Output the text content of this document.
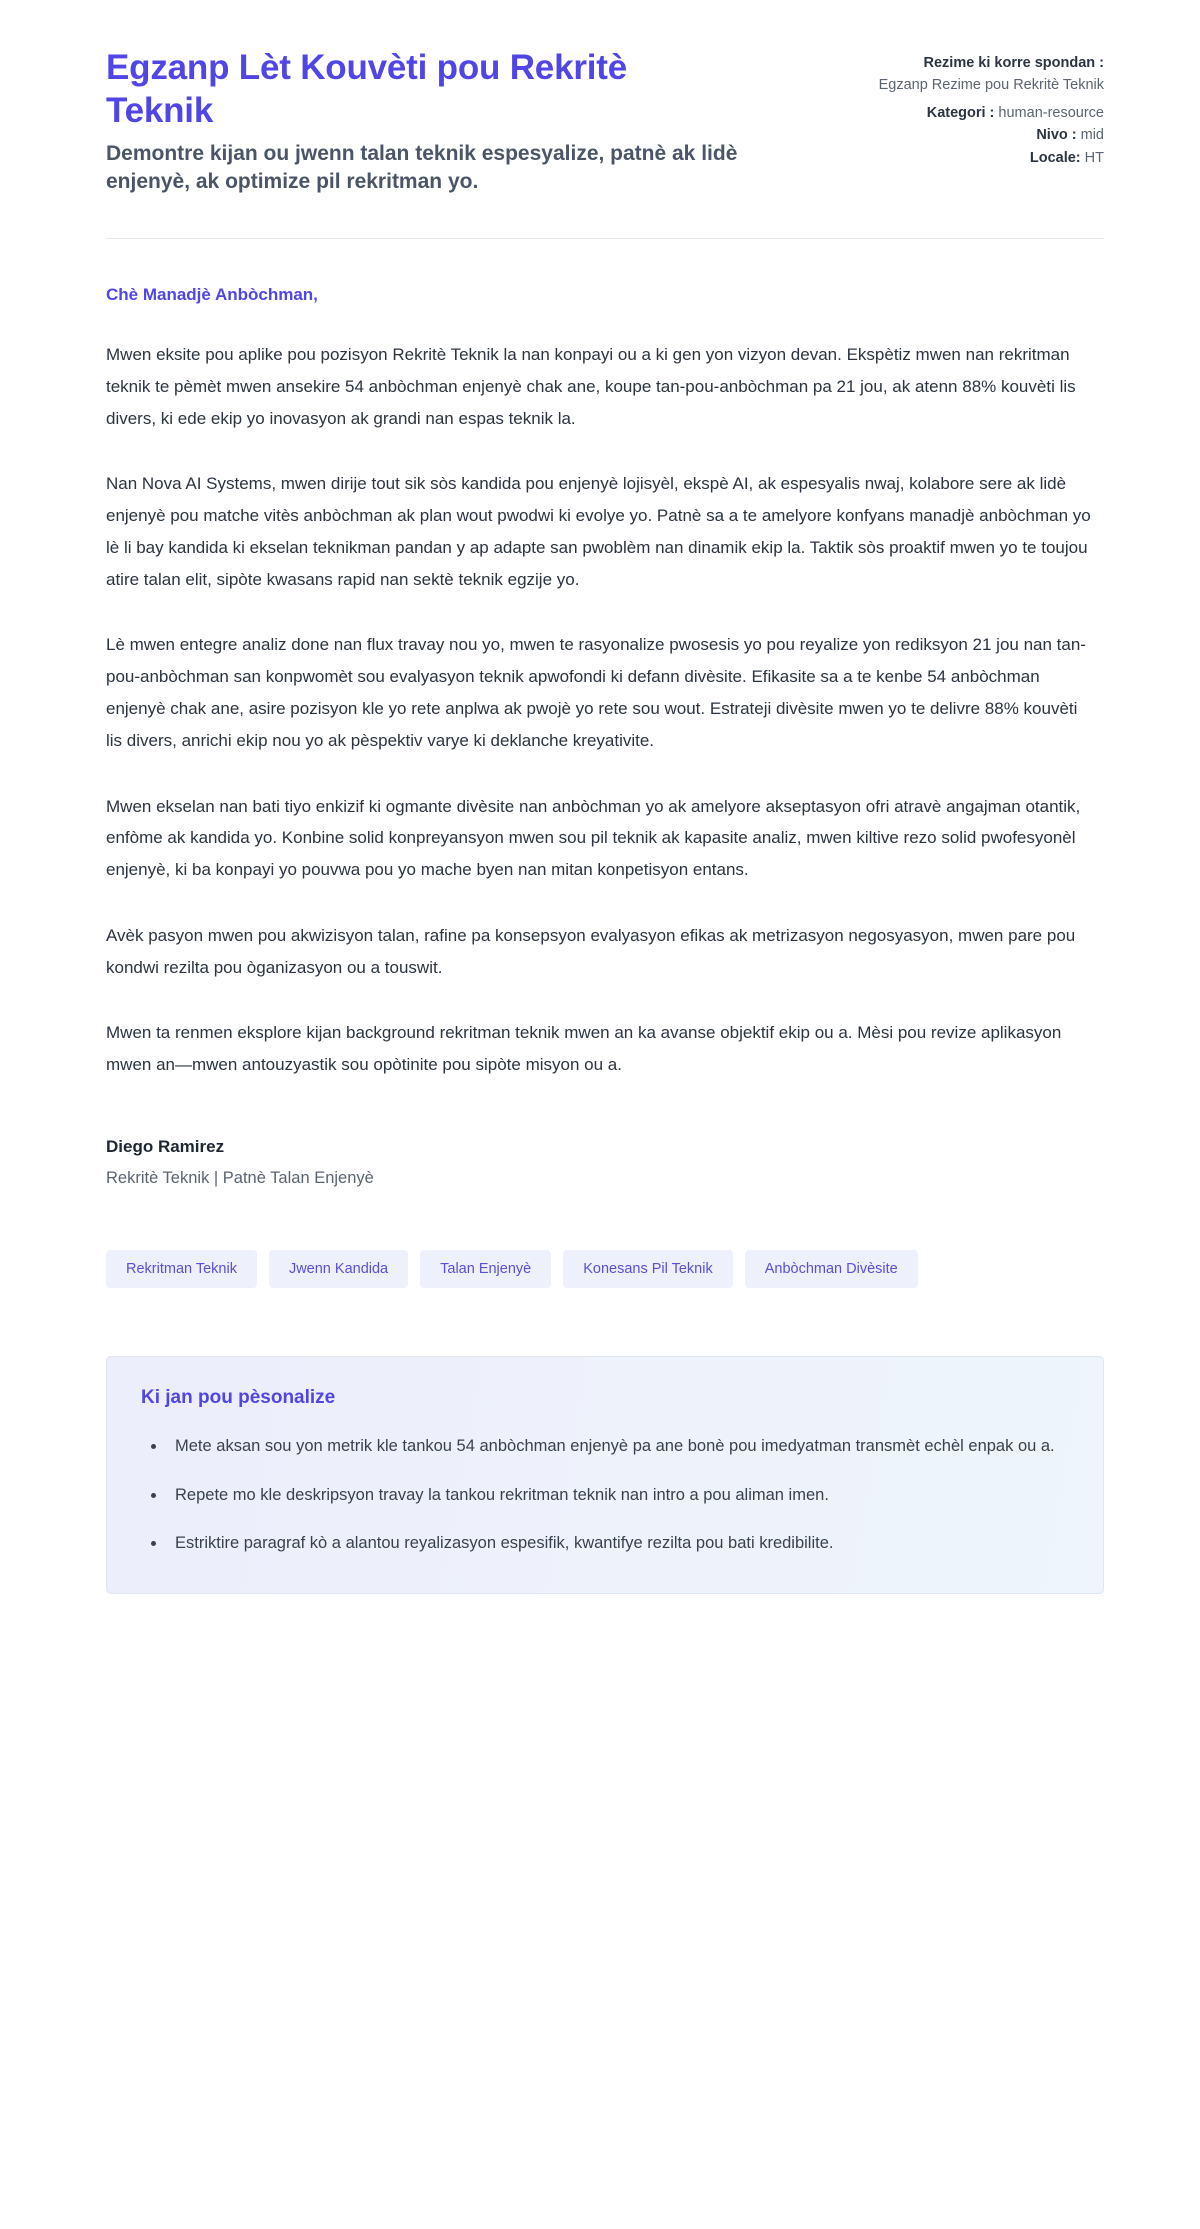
Egzanp Lèt Kouvèti pou Rekritè Teknik

Demontre kijan ou jwenn talan teknik espesyalize, patnè ak lidè enjenyè, ak optimize pil rekritman yo.

Rezime ki korre spondan :
Egzanp Rezime pou Rekritè Teknik
Kategori : human-resource
Nivo : mid
Locale: HT

Chè Manadjè Anbòchman,

Mwen eksite pou aplike pou pozisyon Rekritè Teknik la nan konpayi ou a ki gen yon vizyon devan. Ekspètiz mwen nan rekritman teknik te pèmèt mwen ansekire 54 anbòchman enjenyè chak ane, koupe tan-pou-anbòchman pa 21 jou, ak atenn 88% kouvèti lis divers, ki ede ekip yo inovasyon ak grandi nan espas teknik la.

Nan Nova AI Systems, mwen dirije tout sik sòs kandida pou enjenyè lojisyèl, ekspè AI, ak espesyalis nwaj, kolabore sere ak lidè enjenyè pou matche vitès anbòchman ak plan wout pwodwi ki evolye yo. Patnè sa a te amelyore konfyans manadjè anbòchman yo lè li bay kandida ki ekselan teknikman pandan y ap adapte san pwoblèm nan dinamik ekip la. Taktik sòs proaktif mwen yo te toujou atire talan elit, sipòte kwasans rapid nan sektè teknik egzije yo.

Lè mwen entegre analiz done nan flux travay nou yo, mwen te rasyonalize pwosesis yo pou reyalize yon rediksyon 21 jou nan tan-pou-anbòchman san konpwomèt sou evalyasyon teknik apwofondi ki defann divèsite. Efikasite sa a te kenbe 54 anbòchman enjenyè chak ane, asire pozisyon kle yo rete anplwa ak pwojè yo rete sou wout. Estrateji divèsite mwen yo te delivre 88% kouvèti lis divers, anrichi ekip nou yo ak pèspektiv varye ki deklanche kreyativite.

Mwen ekselan nan bati tiyo enkizif ki ogmante divèsite nan anbòchman yo ak amelyore akseptasyon ofri atravè angajman otantik, enfòme ak kandida yo. Konbine solid konpreyansyon mwen sou pil teknik ak kapasite analiz, mwen kiltive rezo solid pwofesyonèl enjenyè, ki ba konpayi yo pouvwa pou yo mache byen nan mitan konpetisyon entans.

Avèk pasyon mwen pou akwizisyon talan, rafine pa konsepsyon evalyasyon efikas ak metrizasyon negosyasyon, mwen pare pou kondwi rezilta pou òganizasyon ou a touswit.

Mwen ta renmen eksplore kijan background rekritman teknik mwen an ka avanse objektif ekip ou a. Mèsi pou revize aplikasyon mwen an—mwen antouzyastik sou opòtinite pou sipòte misyon ou a.

Diego Ramirez

Rekritè Teknik | Patnè Talan Enjenyè

Rekritman Teknik	Jwenn Kandida	Talan Enjenyè	Konesans Pil Teknik	Anbòchman Divèsite
Ki jan pou pèsonalize
• Mete aksan sou yon metrik kle tankou 54 anbòchman enjenyè pa ane bonè pou imedyatman transmèt echèl enpak ou a.
• Repete mo kle deskripsyon travay la tankou rekritman teknik nan intro a pou aliman imen.
• Estriktire paragraf kò a alantou reyalizasyon espesifik, kwantifye rezilta pou bati kredibilite.
